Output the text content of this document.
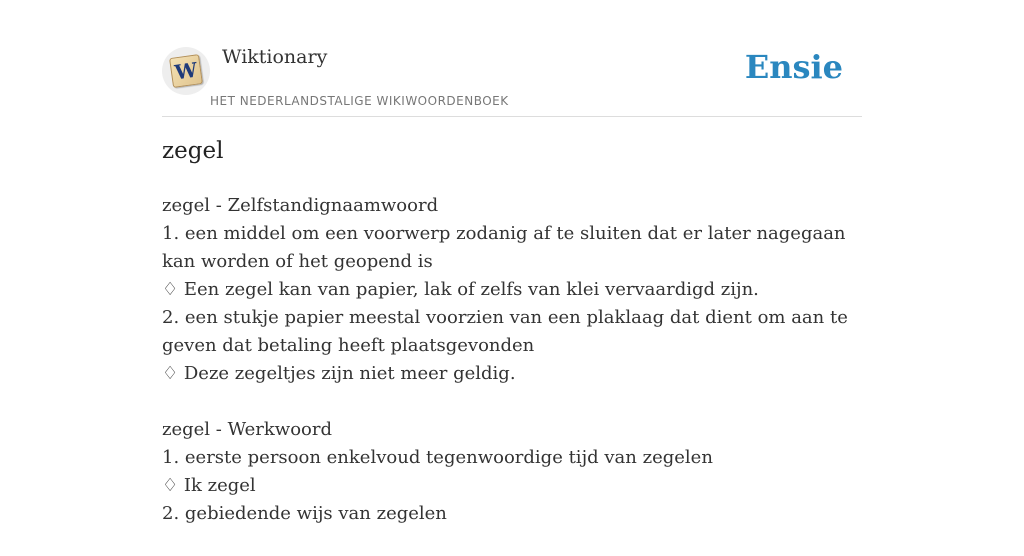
W

Wiktionary

HET NEDERLANDSTALIGE WIKIWOORDENBOEK
Ensie
zegel
zegel - Zelfstandignaamwoord
1. een middel om een voorwerp zodanig af te sluiten dat er later nagegaan kan worden of het geopend is
♢ Een zegel kan van papier, lak of zelfs van klei vervaardigd zijn.
2. een stukje papier meestal voorzien van een plaklaag dat dient om aan te geven dat betaling heeft plaatsgevonden
♢ Deze zegeltjes zijn niet meer geldig.
zegel - Werkwoord
1. eerste persoon enkelvoud tegenwoordige tijd van zegelen
♢ Ik zegel
2. gebiedende wijs van zegelen
